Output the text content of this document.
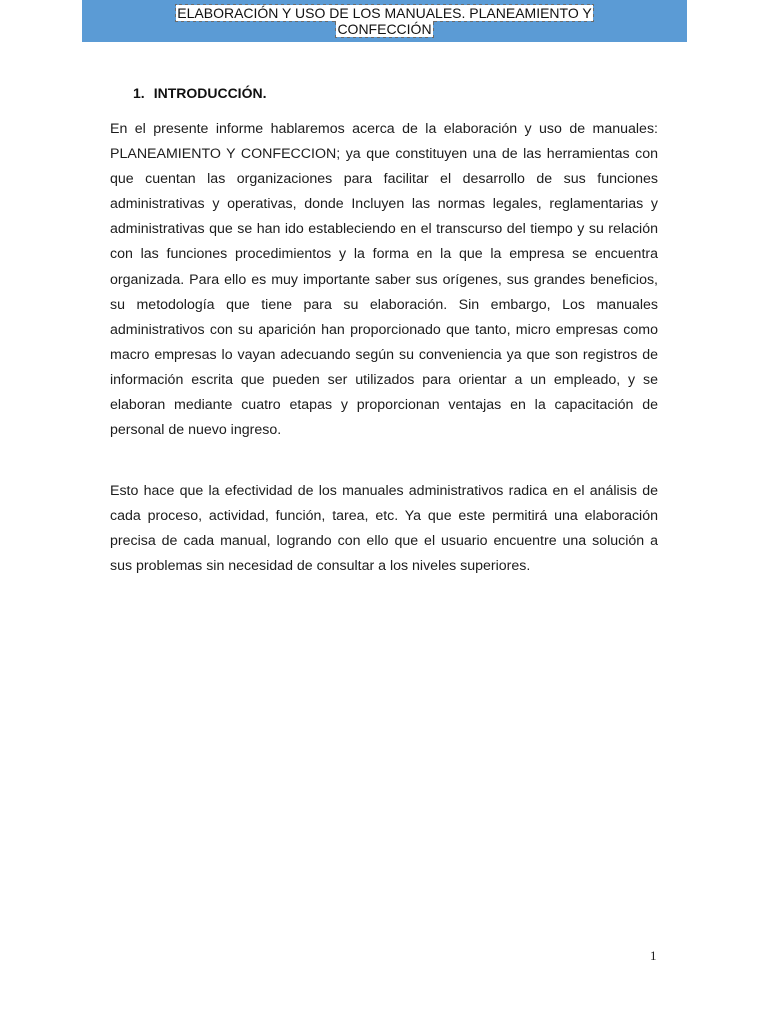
ELABORACIÓN Y USO DE LOS MANUALES. PLANEAMIENTO Y CONFECCIÓN
1. INTRODUCCIÓN.

En el presente informe hablaremos acerca de la elaboración y uso de manuales: PLANEAMIENTO Y CONFECCION; ya que constituyen una de las herramientas con que cuentan las organizaciones para facilitar el desarrollo de sus funciones administrativas y operativas, donde Incluyen las normas legales, reglamentarias y administrativas que se han ido estableciendo en el transcurso del tiempo y su relación con las funciones procedimientos y la forma en la que la empresa se encuentra organizada. Para ello es muy importante saber sus orígenes, sus grandes beneficios, su metodología que tiene para su elaboración. Sin embargo, Los manuales administrativos con su aparición han proporcionado que tanto, micro empresas como macro empresas lo vayan adecuando según su conveniencia ya que son registros de información escrita que pueden ser utilizados para orientar a un empleado, y se elaboran mediante cuatro etapas y proporcionan ventajas en la capacitación de personal de nuevo ingreso.

Esto hace que la efectividad de los manuales administrativos radica en el análisis de cada proceso, actividad, función, tarea, etc. Ya que este permitirá una elaboración precisa de cada manual, logrando con ello que el usuario encuentre una solución a sus problemas sin necesidad de consultar a los niveles superiores.

1
